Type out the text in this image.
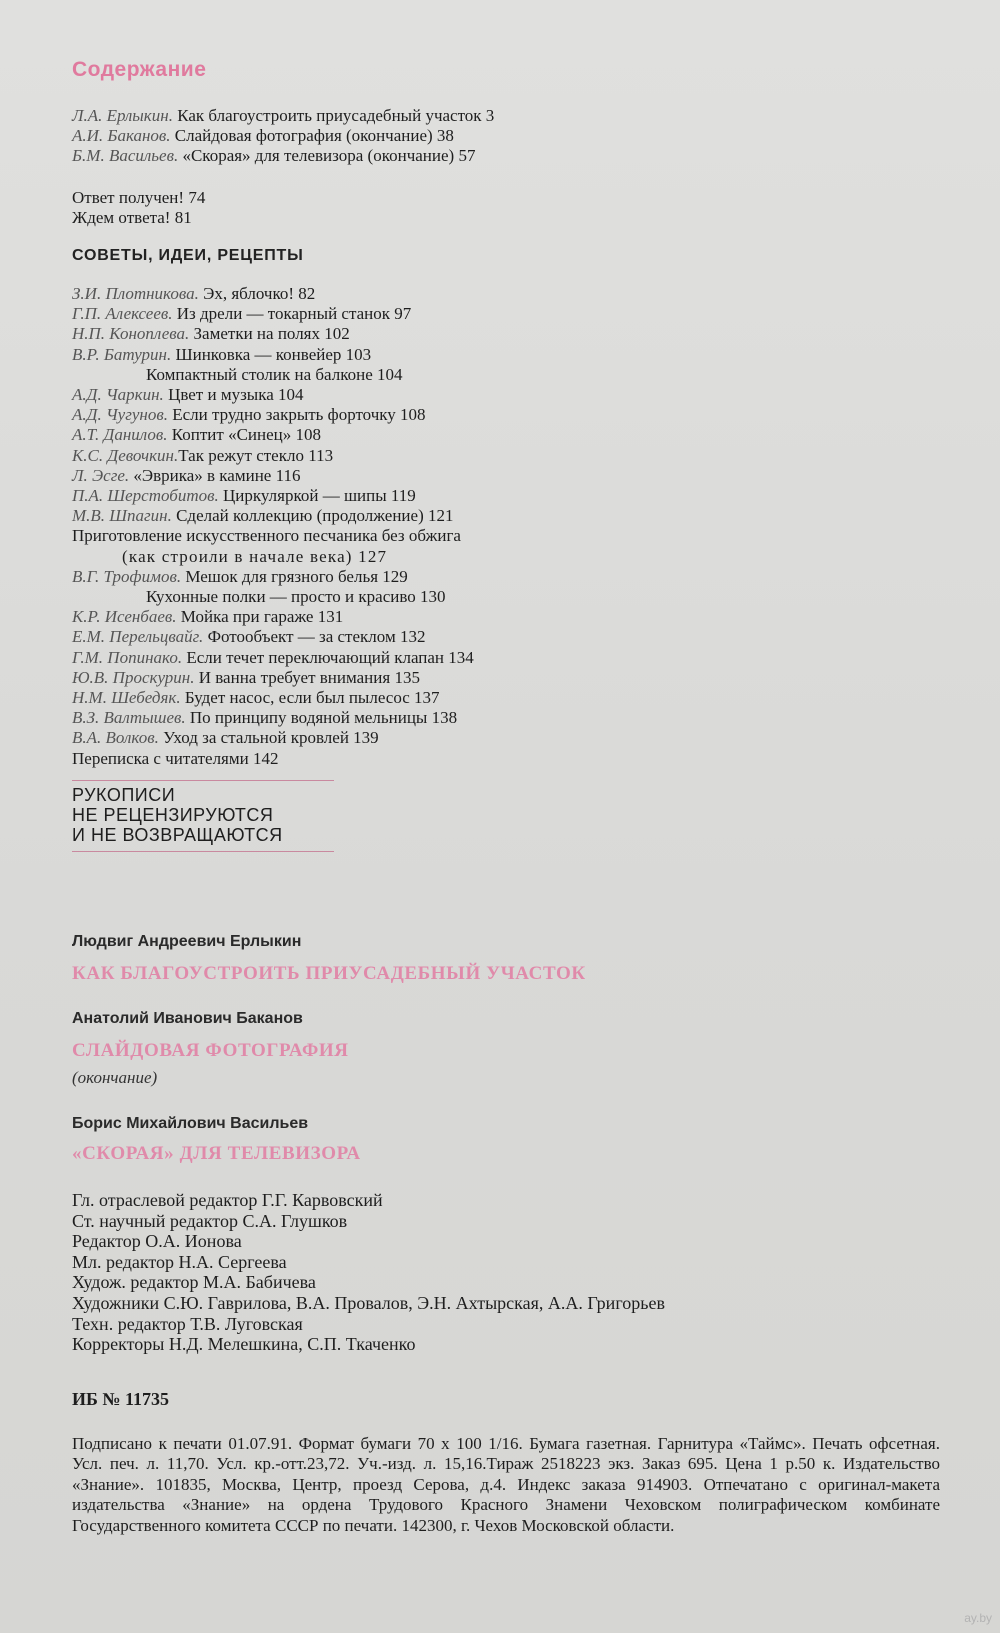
Содержание
Л.А. Ерлыкин. Как благоустроить приусадебный участок 3
А.И. Баканов. Слайдовая фотография (окончание) 38
Б.М. Васильев. «Скорая» для телевизора (окончание) 57
Ответ получен! 74
Ждем ответа! 81
СОВЕТЫ, ИДЕИ, РЕЦЕПТЫ
З.И. Плотникова. Эх, яблочко! 82
Г.П. Алексеев. Из дрели — токарный станок 97
Н.П. Коноплева. Заметки на полях 102
В.Р. Батурин. Шинковка — конвейер 103
Компактный столик на балконе 104
А.Д. Чаркин. Цвет и музыка 104
А.Д. Чугунов. Если трудно закрыть форточку 108
А.Т. Данилов. Коптит «Синец» 108
К.С. Девочкин.Так режут стекло 113
Л. Эсге. «Эврика» в камине 116
П.А. Шерстобитов. Циркуляркой — шипы 119
М.В. Шпагин. Сделай коллекцию (продолжение) 121
Приготовление искусственного песчаника без обжига
(как строили в начале века) 127
В.Г. Трофимов. Мешок для грязного белья 129
Кухонные полки — просто и красиво 130
К.Р. Исенбаев. Мойка при гараже 131
Е.М. Перельцвайг. Фотообъект — за стеклом 132
Г.М. Попинако. Если течет переключающий клапан 134
Ю.В. Проскурин. И ванна требует внимания 135
Н.М. Шебедяк. Будет насос, если был пылесос 137
В.З. Валтышев. По принципу водяной мельницы 138
В.А. Волков. Уход за стальной кровлей 139
Переписка с читателями 142
РУКОПИСИ
НЕ РЕЦЕНЗИРУЮТСЯ
И НЕ ВОЗВРАЩАЮТСЯ
Людвиг Андреевич Ерлыкин
КАК БЛАГОУСТРОИТЬ ПРИУСАДЕБНЫЙ УЧАСТОК
Анатолий Иванович Баканов
СЛАЙДОВАЯ ФОТОГРАФИЯ
(окончание)
Борис Михайлович Васильев
«СКОРАЯ» ДЛЯ ТЕЛЕВИЗОРА
Гл. отраслевой редактор Г.Г. Карвовский
Ст. научный редактор С.А. Глушков
Редактор О.А. Ионова
Мл. редактор Н.А. Сергеева
Худож. редактор М.А. Бабичева
Художники С.Ю. Гаврилова, В.А. Провалов, Э.Н. Ахтырская, А.А. Григорьев
Техн. редактор Т.В. Луговская
Корректоры Н.Д. Мелешкина, С.П. Ткаченко
ИБ № 11735
Подписано к печати 01.07.91. Формат бумаги 70 x 100 1/16. Бумага газетная. Гарнитура «Таймс». Печать офсетная. Усл. печ. л. 11,70. Усл. кр.-отт.23,72. Уч.-изд. л. 15,16.Тираж 2518223 экз. Заказ 695. Цена 1 р.50 к. Издательство «Знание». 101835, Москва, Центр, проезд Серова, д.4. Индекс заказа 914903. Отпечатано с оригинал-макета издательства «Знание» на ордена Трудового Красного Знамени Чеховском полиграфическом комбинате Государственного комитета СССР по печати. 142300, г. Чехов Московской области.
ay.by
